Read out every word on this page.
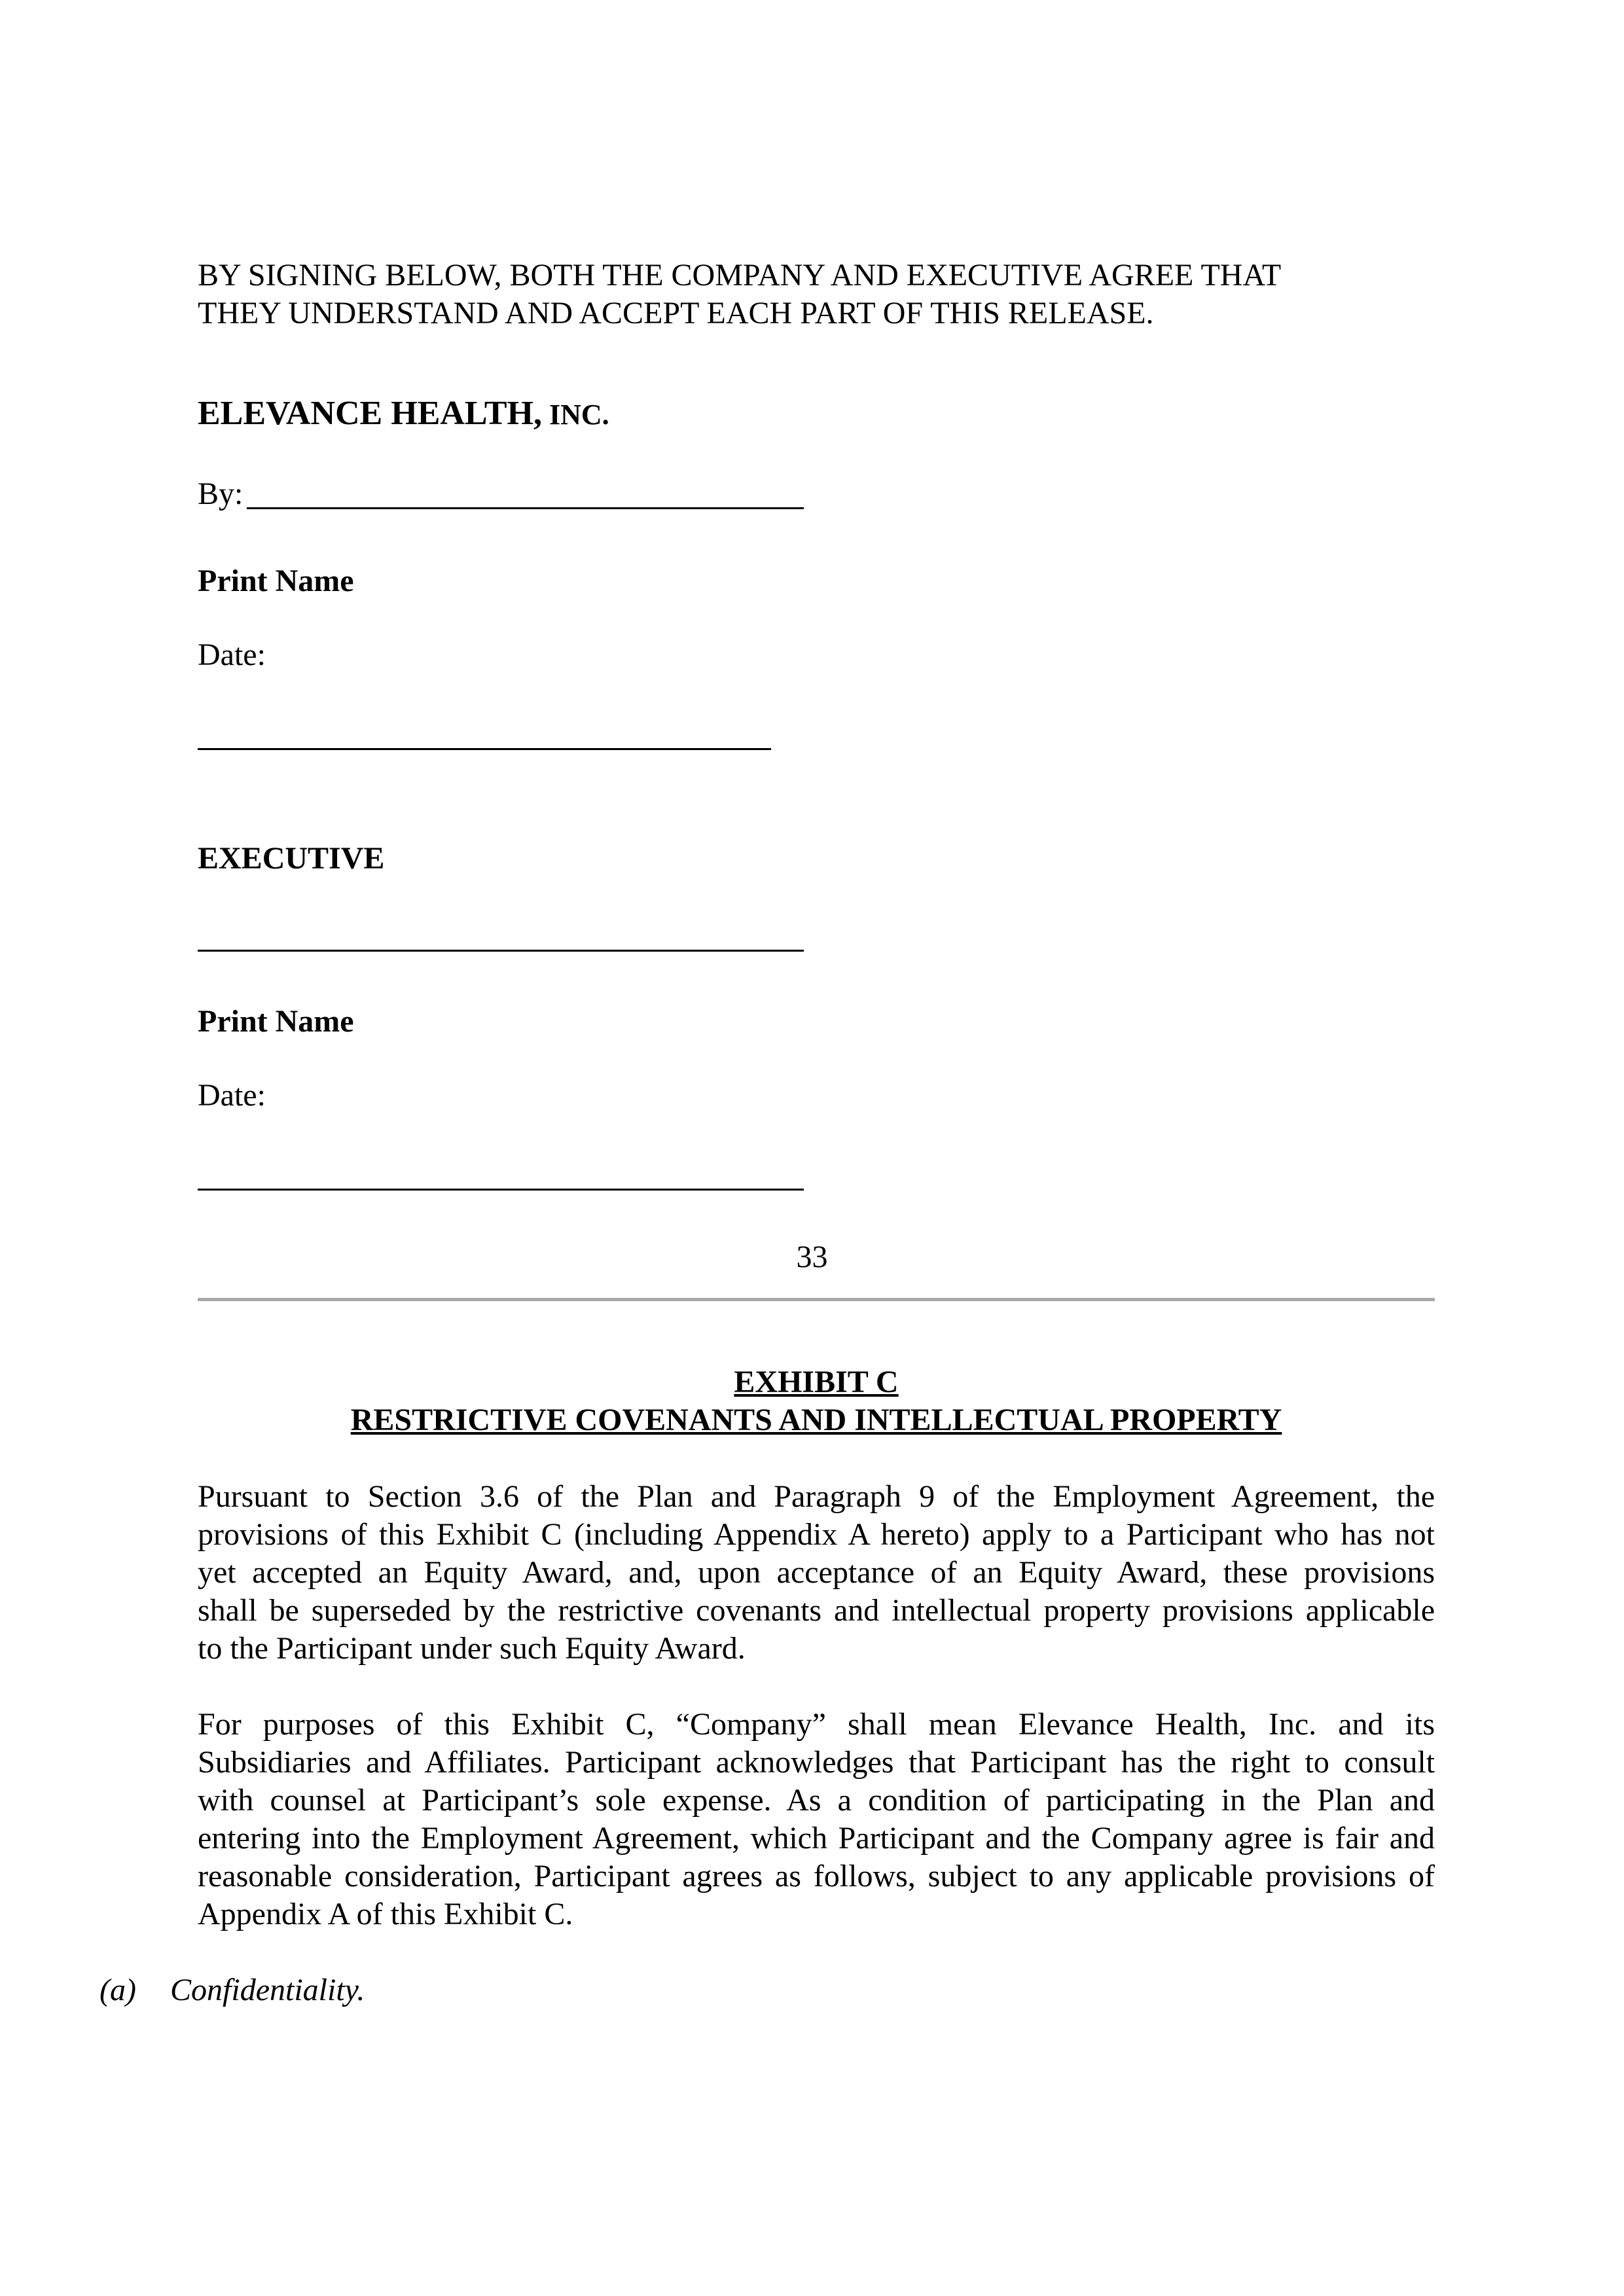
BY SIGNING BELOW, BOTH THE COMPANY AND EXECUTIVE AGREE THAT
THEY UNDERSTAND AND ACCEPT EACH PART OF THIS RELEASE.
ELEVANCE HEALTH, INC.
By:
Print Name
Date:
EXECUTIVE
Print Name
Date:
33
EXHIBIT C
RESTRICTIVE COVENANTS AND INTELLECTUAL PROPERTY
Pursuant to Section 3.6 of the Plan and Paragraph 9 of the Employment Agreement, the
provisions of this Exhibit C (including Appendix A hereto) apply to a Participant who has not
yet accepted an Equity Award, and, upon acceptance of an Equity Award, these provisions
shall be superseded by the restrictive covenants and intellectual property provisions applicable
to the Participant under such Equity Award.
For purposes of this Exhibit C, “Company” shall mean Elevance Health, Inc. and its
Subsidiaries and Affiliates. Participant acknowledges that Participant has the right to consult
with counsel at Participant’s sole expense. As a condition of participating in the Plan and
entering into the Employment Agreement, which Participant and the Company agree is fair and
reasonable consideration, Participant agrees as follows, subject to any applicable provisions of
Appendix A of this Exhibit C.
(a) Confidentiality.
